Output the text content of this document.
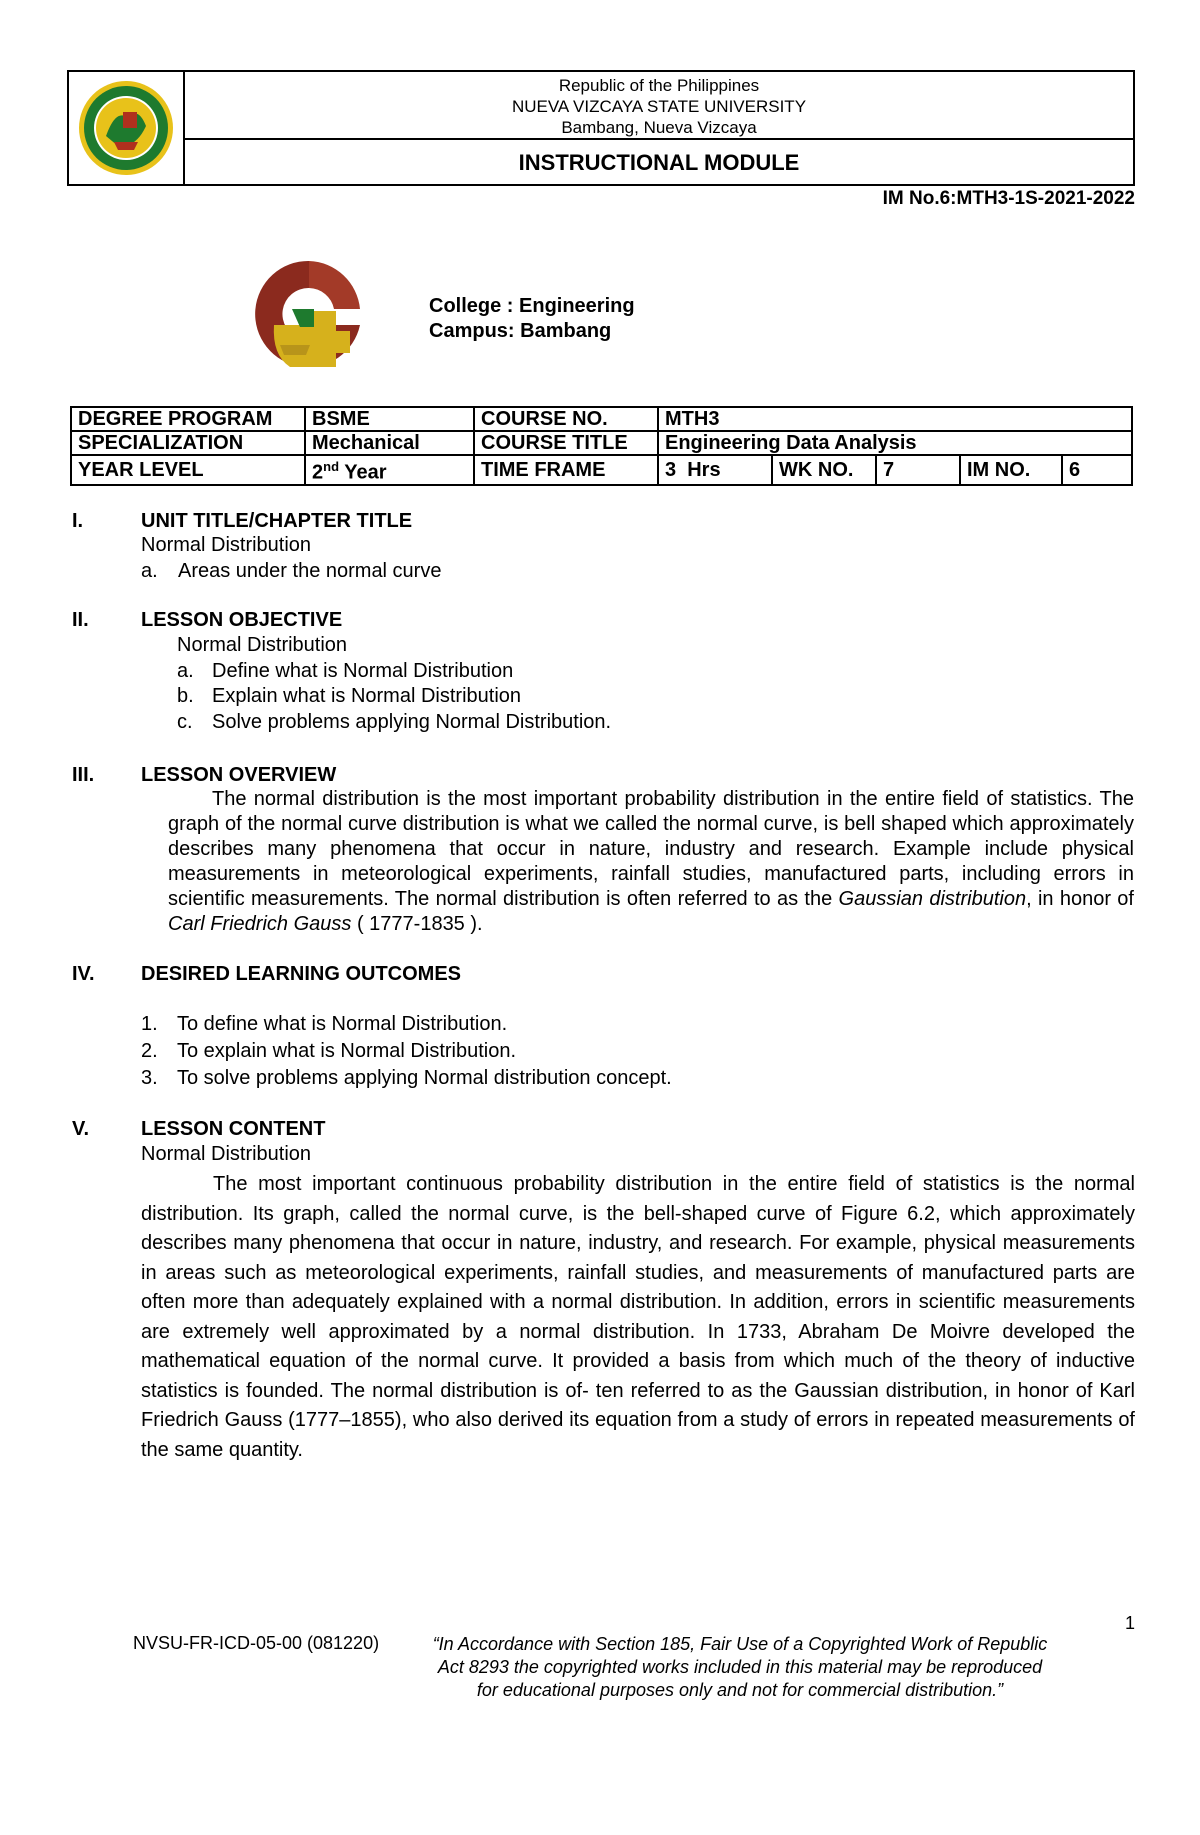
Republic of the Philippines
NUEVA VIZCAYA STATE UNIVERSITY
Bambang, Nueva Vizcaya
INSTRUCTIONAL MODULE
IM No.6:MTH3-1S-2021-2022
College : Engineering
Campus: Bambang
DEGREE PROGRAM	BSME	COURSE NO.	MTH3				
SPECIALIZATION	Mechanical	COURSE TITLE	Engineering Data Analysis				
YEAR LEVEL	2nd Year	TIME FRAME	3  Hrs	WK NO.	7	IM NO.	6
I.	UNIT TITLE/CHAPTER TITLE
Normal Distribution
a. Areas under the normal curve
II.	LESSON OBJECTIVE
Normal Distribution
a. Define what is Normal Distribution
b. Explain what is Normal Distribution
c. Solve problems applying Normal Distribution.
III. LESSON OVERVIEW
The normal distribution is the most important probability distribution in the entire field of statistics. The graph of the normal curve distribution is what we called the normal curve, is bell shaped which approximately describes many phenomena that occur in nature, industry and research. Example include physical measurements in meteorological experiments, rainfall studies, manufactured parts, including errors in scientific measurements. The normal distribution is often referred to as the Gaussian distribution, in honor of Carl Friedrich Gauss ( 1777-1835 ).
IV. DESIRED LEARNING OUTCOMES
1. To define what is Normal Distribution.
2. To explain what is Normal Distribution.
3. To solve problems applying Normal distribution concept.
V.	LESSON CONTENT
Normal Distribution
The most important continuous probability distribution in the entire field of statistics is the normal distribution. Its graph, called the normal curve, is the bell-shaped curve of Figure 6.2, which approximately describes many phenomena that occur in nature, industry, and research. For example, physical measurements in areas such as meteorological experiments, rainfall studies, and measurements of manufactured parts are often more than adequately explained with a normal distribution. In addition, errors in scientific measurements are extremely well approximated by a normal distribution. In 1733, Abraham De Moivre developed the mathematical equation of the normal curve. It provided a basis from which much of the theory of inductive statistics is founded. The normal distribution is of- ten referred to as the Gaussian distribution, in honor of Karl Friedrich Gauss (1777–1855), who also derived its equation from a study of errors in repeated measurements of the same quantity.
1
NVSU-FR-ICD-05-00 (081220)	“In Accordance with Section 185, Fair Use of a Copyrighted Work of Republic Act 8293 the copyrighted works included in this material may be reproduced for educational purposes only and not for commercial distribution.”
